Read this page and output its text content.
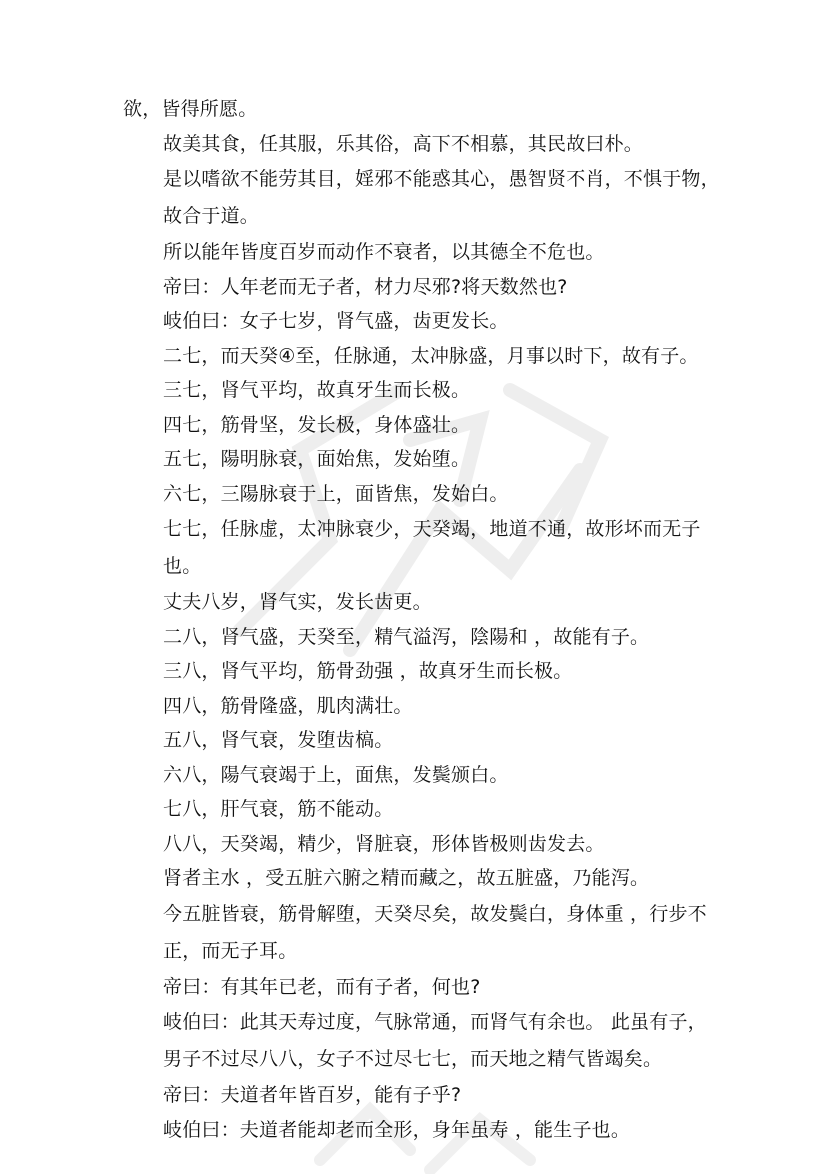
欲，皆得所愿。
故美其食，任其服，乐其俗，高下不相慕，其民故曰朴。
是以嗜欲不能劳其目，婬邪不能惑其心，愚智贤不肖，不惧于物，故合于道。
所以能年皆度百岁而动作不衰者，以其德全不危也。
帝曰：人年老而无子者，材力尽邪?将天数然也?
岐伯曰：女子七岁，肾气盛，齿更发长。
二七，而天癸④至，任脉通，太冲脉盛，月事以时下，故有子。
三七，肾气平均，故真牙生而长极。
四七，筋骨坚，发长极，身体盛壮。
五七，陽明脉衰，面始焦，发始堕。
六七，三陽脉衰于上，面皆焦，发始白。
七七，任脉虚，太冲脉衰少，天癸竭，地道不通，故形坏而无子也。
丈夫八岁，肾气实，发长齿更。
二八，肾气盛，天癸至，精气溢泻，陰陽和 ，故能有子。
三八，肾气平均，筋骨劲强 ，故真牙生而长极。
四八，筋骨隆盛，肌肉满壮。
五八，肾气衰，发堕齿槁。
六八，陽气衰竭于上，面焦，发鬓颁白。
七八，肝气衰，筋不能动。
八八，天癸竭，精少，肾脏衰，形体皆极则齿发去。
肾者主水 ，受五脏六腑之精而藏之，故五脏盛，乃能泻。
今五脏皆衰，筋骨解堕，天癸尽矣，故发鬓白，身体重 ，行步不正，而无子耳。
帝曰：有其年已老，而有子者，何也?
岐伯曰：此其天寿过度，气脉常通，而肾气有余也。 此虽有子，男子不过尽八八，女子不过尽七七，而天地之精气皆竭矣。
帝曰：夫道者年皆百岁，能有子乎?
岐伯曰：夫道者能却老而全形，身年虽寿 ，能生子也。
